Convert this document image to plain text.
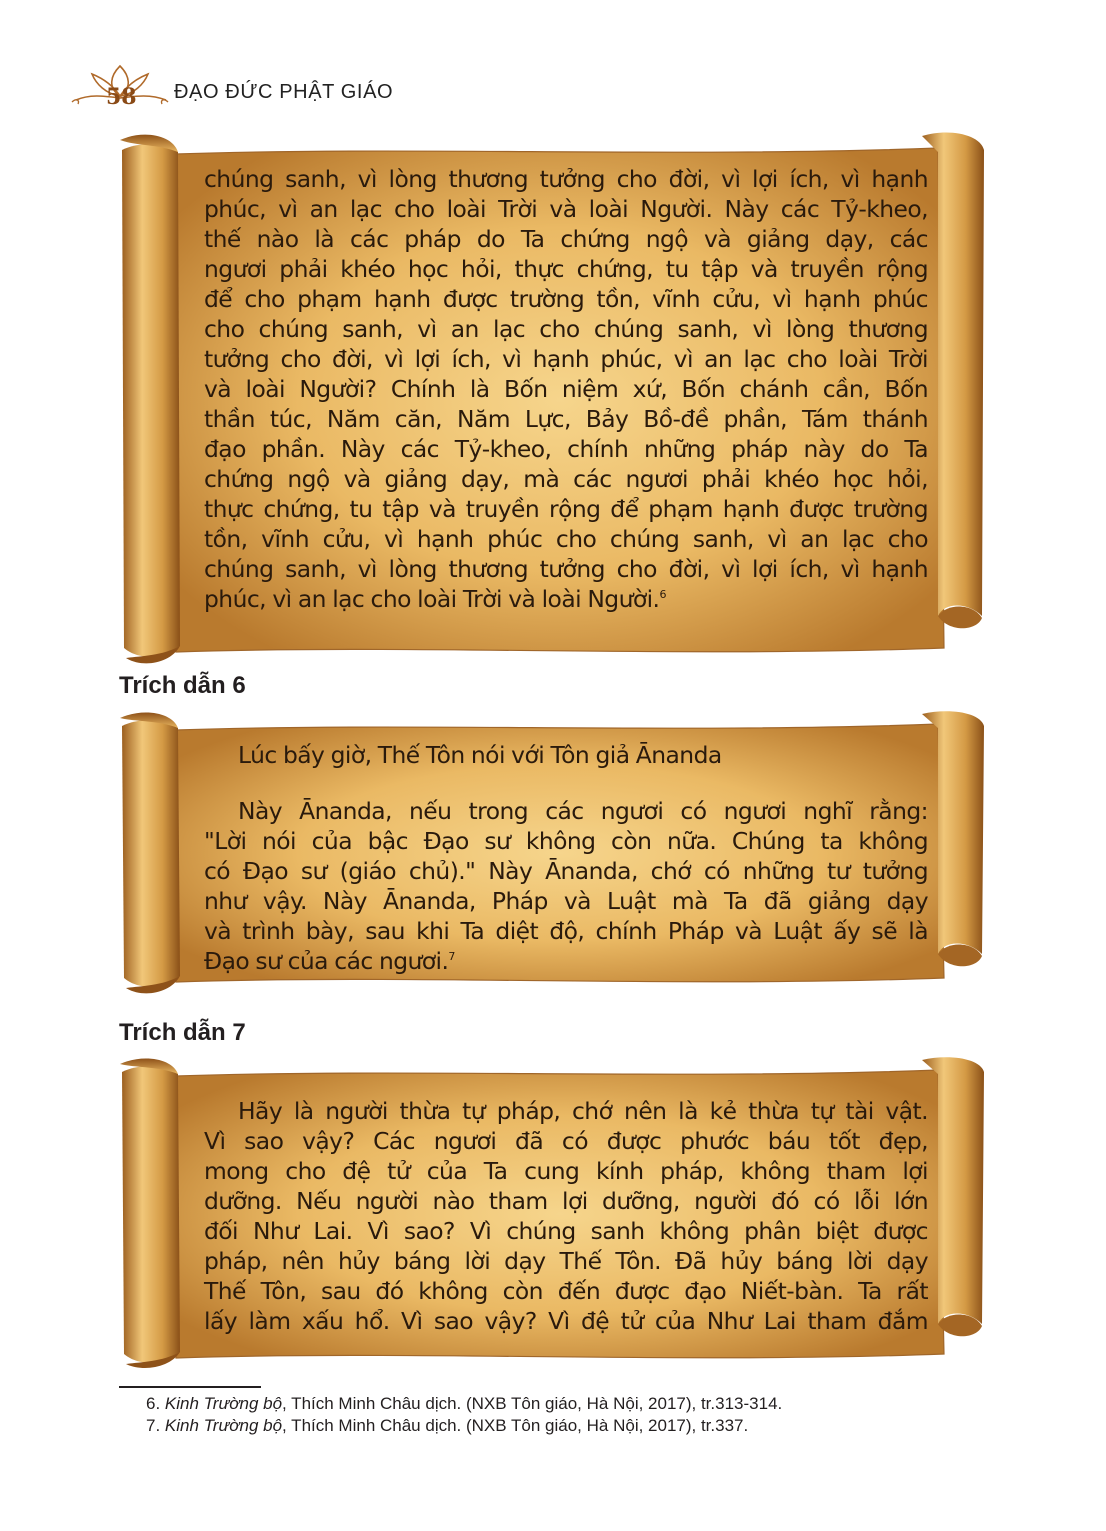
58 ĐẠO ĐỨC PHẬT GIÁO

chúng sanh, vì lòng thương tưởng cho đời, vì lợi ích, vì hạnh

phúc, vì an lạc cho loài Trời và loài Người. Này các Tỷ-kheo,

thế nào là các pháp do Ta chứng ngộ và giảng dạy, các

ngươi phải khéo học hỏi, thực chứng, tu tập và truyền rộng

để cho phạm hạnh được trường tồn, vĩnh cửu, vì hạnh phúc

cho chúng sanh, vì an lạc cho chúng sanh, vì lòng thương

tưởng cho đời, vì lợi ích, vì hạnh phúc, vì an lạc cho loài Trời

và loài Người? Chính là Bốn niệm xứ, Bốn chánh cần, Bốn

thần túc, Năm căn, Năm Lực, Bảy Bồ-đề phần, Tám thánh

đạo phần. Này các Tỷ-kheo, chính những pháp này do Ta

chứng ngộ và giảng dạy, mà các ngươi phải khéo học hỏi,

thực chứng, tu tập và truyền rộng để phạm hạnh được trường

tồn, vĩnh cửu, vì hạnh phúc cho chúng sanh, vì an lạc cho

chúng sanh, vì lòng thương tưởng cho đời, vì lợi ích, vì hạnh

phúc, vì an lạc cho loài Trời và loài Người.$^6$

Trích dẫn 6

Lúc bấy giờ, Thế Tôn nói với Tôn giả Ānanda

Này Ānanda, nếu trong các ngươi có ngươi nghĩ rằng:

"Lời nói của bậc Đạo sư không còn nữa. Chúng ta không

có Đạo sư (giáo chủ)." Này Ānanda, chớ có những tư tưởng

như vậy. Này Ānanda, Pháp và Luật mà Ta đã giảng dạy

và trình bày, sau khi Ta diệt độ, chính Pháp và Luật ấy sẽ là

Đạo sư của các ngươi.$^7$

Trích dẫn 7

Hãy là người thừa tự pháp, chớ nên là kẻ thừa tự tài vật.

Vì sao vậy? Các ngươi đã có được phước báu tốt đẹp,

mong cho đệ tử của Ta cung kính pháp, không tham lợi

dưỡng. Nếu người nào tham lợi dưỡng, người đó có lỗi lớn

đối Như Lai. Vì sao? Vì chúng sanh không phân biệt được

pháp, nên hủy báng lời dạy Thế Tôn. Đã hủy báng lời dạy

Thế Tôn, sau đó không còn đến được đạo Niết-bàn. Ta rất

lấy làm xấu hổ. Vì sao vậy? Vì đệ tử của Như Lai tham đắm

6. Kinh Trường bộ, Thích Minh Châu dịch. (NXB Tôn giáo, Hà Nội, 2017), tr.313-314.
7. Kinh Trường bộ, Thích Minh Châu dịch. (NXB Tôn giáo, Hà Nội, 2017), tr.337.
